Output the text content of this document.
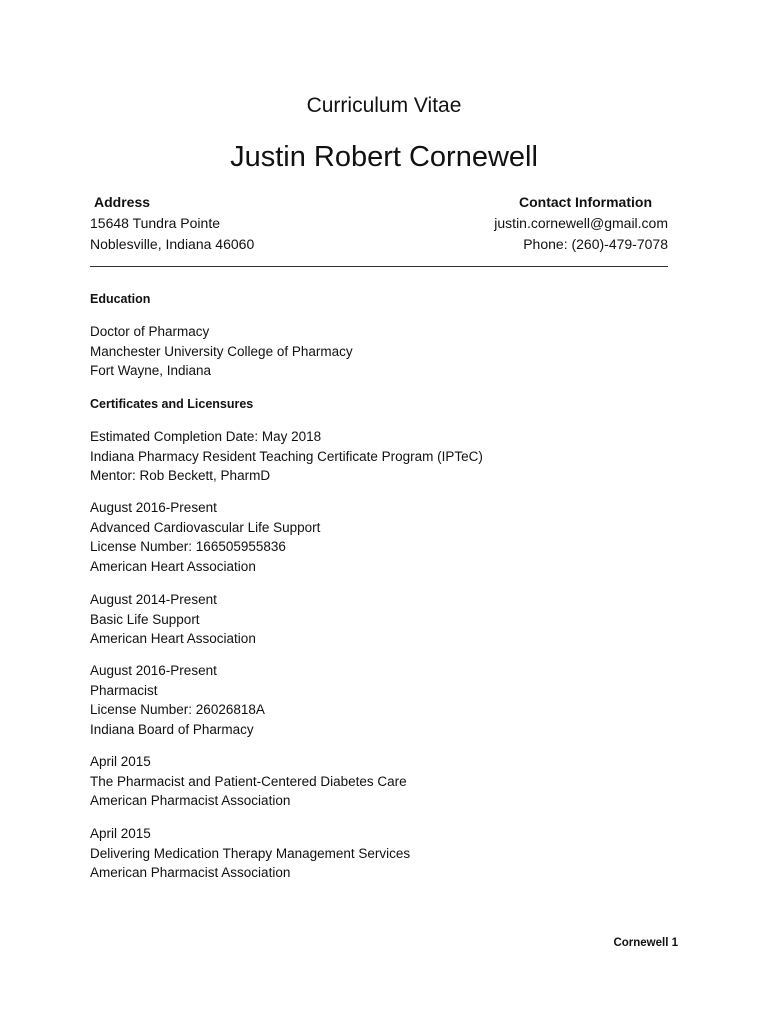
Curriculum Vitae
Justin Robert Cornewell
Address	Contact Information
15648 Tundra Pointe
Noblesville, Indiana 46060
justin.cornewell@gmail.com
Phone: (260)-479-7078
Education
Doctor of Pharmacy
Manchester University College of Pharmacy
Fort Wayne, Indiana
Certificates and Licensures
Estimated Completion Date: May 2018
Indiana Pharmacy Resident Teaching Certificate Program (IPTeC)
Mentor: Rob Beckett, PharmD
August 2016-Present
Advanced Cardiovascular Life Support
License Number: 166505955836
American Heart Association
August 2014-Present
Basic Life Support
American Heart Association
August 2016-Present
Pharmacist
License Number: 26026818A
Indiana Board of Pharmacy
April 2015
The Pharmacist and Patient-Centered Diabetes Care
American Pharmacist Association
April 2015
Delivering Medication Therapy Management Services
American Pharmacist Association
Cornewell 1
